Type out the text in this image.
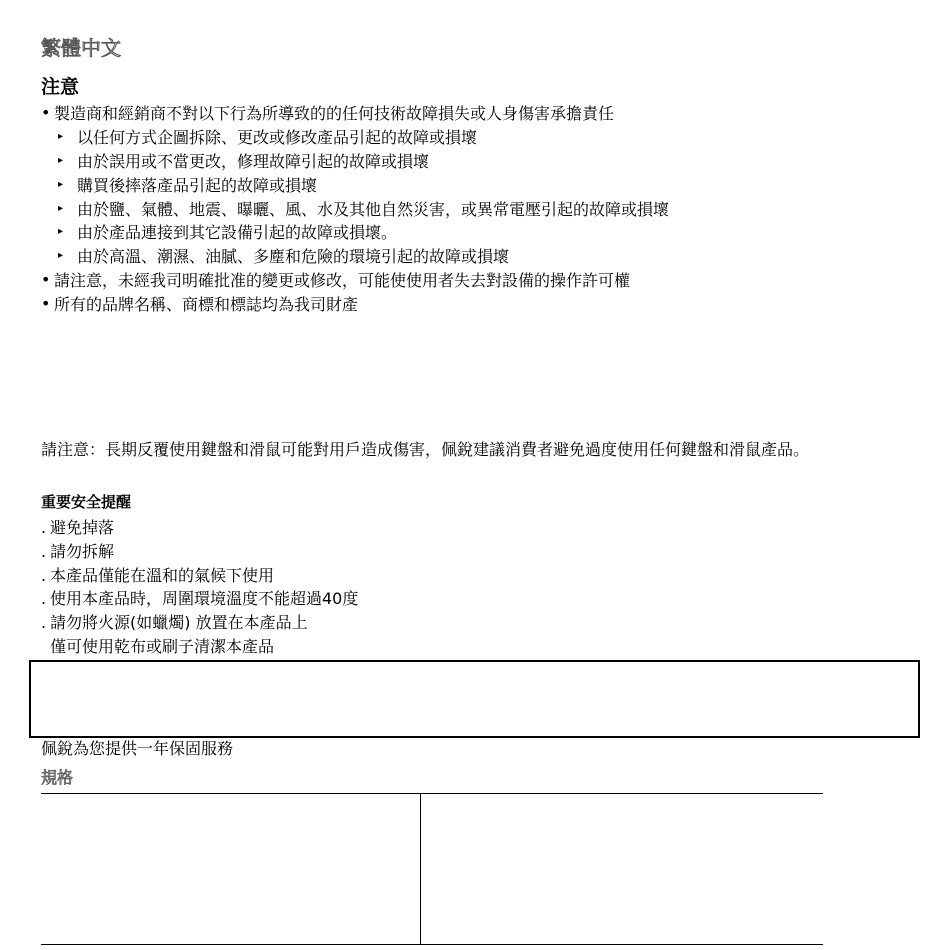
繁體中文
注意
• 製造商和經銷商不對以下行為所導致的的任何技術故障損失或人身傷害承擔責任
▸ 以任何方式企圖拆除、更改或修改產品引起的故障或損壞
▸ 由於誤用或不當更改，修理故障引起的故障或損壞
▸ 購買後摔落產品引起的故障或損壞
▸ 由於鹽、氣體、地震、曝曬、風、水及其他自然災害，或異常電壓引起的故障或損壞
▸ 由於產品連接到其它設備引起的故障或損壞。
▸ 由於高溫、潮濕、油膩、多塵和危險的環境引起的故障或損壞
• 請注意，未經我司明確批准的變更或修改，可能使使用者失去對設備的操作許可權
• 所有的品牌名稱、商標和標誌均為我司財產
請注意：長期反覆使用鍵盤和滑鼠可能對用戶造成傷害，佩銳建議消費者避免過度使用任何鍵盤和滑鼠產品。
重要安全提醒
. 避免掉落
. 請勿拆解
. 本產品僅能在溫和的氣候下使用
. 使用本產品時，周圍環境溫度不能超過40度
. 請勿將火源(如蠟燭) 放置在本產品上
僅可使用乾布或刷子清潔本產品
佩銳為您提供一年保固服務
規格
